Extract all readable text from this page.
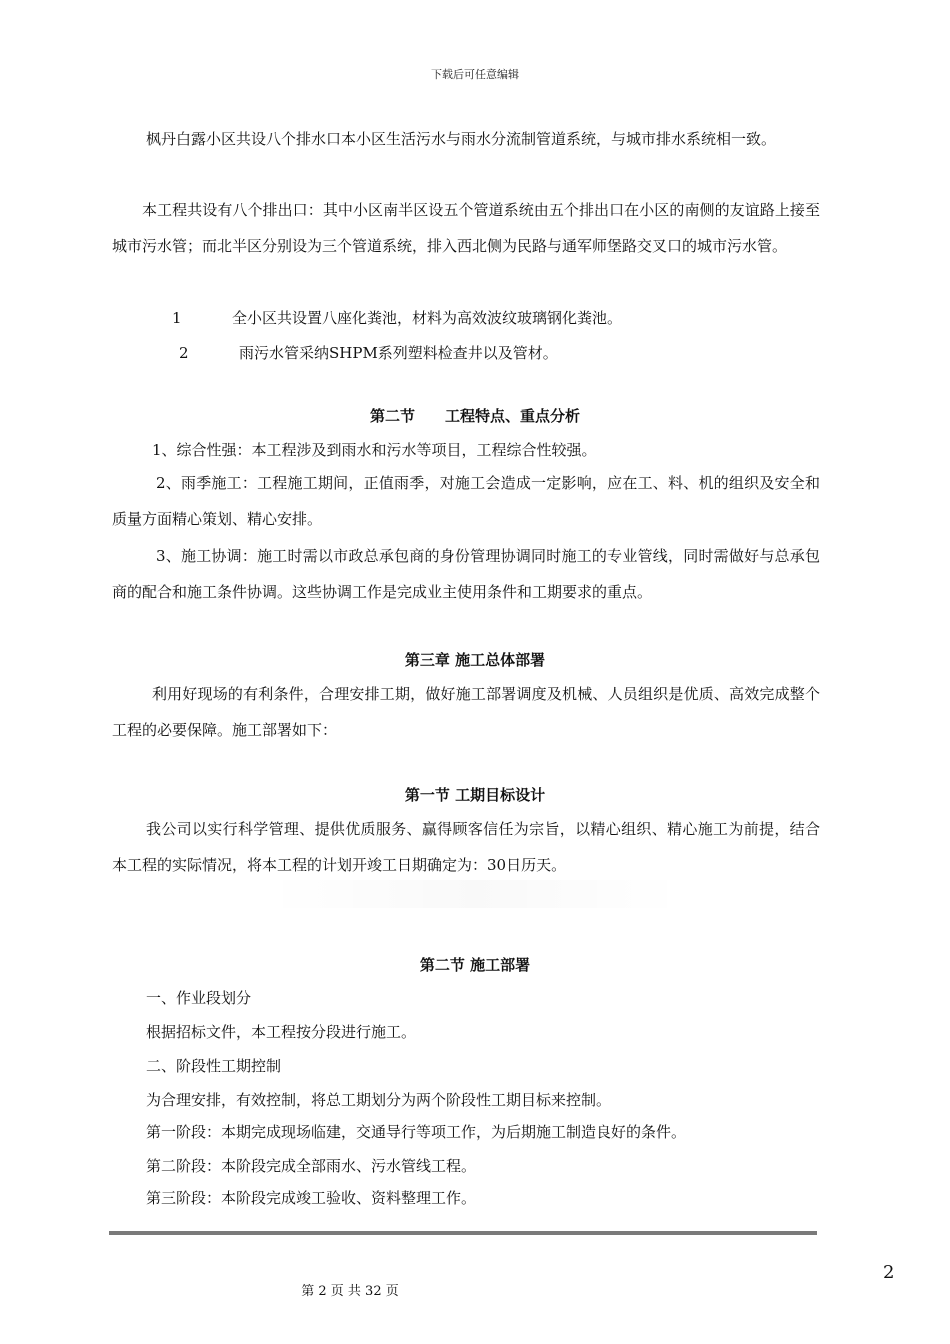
下载后可任意编辑

枫丹白露小区共设八个排水口本小区生活污水与雨水分流制管道系统，与城市排水系统相一致。

本工程共设有八个排出口：其中小区南半区设五个管道系统由五个排出口在小区的南侧的友谊路上接至城市污水管；而北半区分别设为三个管道系统，排入西北侧为民路与通军师堡路交叉口的城市污水管。

1	全小区共设置八座化粪池，材料为高效波纹玻璃钢化粪池。
2	雨污水管采纳SHPM系列塑料检查井以及管材。
第二节　　工程特点、重点分析
1、综合性强：本工程涉及到雨水和污水等项目，工程综合性较强。

2、雨季施工：工程施工期间，正值雨季，对施工会造成一定影响，应在工、料、机的组织及安全和质量方面精心策划、精心安排。

3、施工协调：施工时需以市政总承包商的身份管理协调同时施工的专业管线，同时需做好与总承包商的配合和施工条件协调。这些协调工作是完成业主使用条件和工期要求的重点。

第三章 施工总体部署

利用好现场的有利条件，合理安排工期，做好施工部署调度及机械、人员组织是优质、高效完成整个工程的必要保障。施工部署如下：

第一节 工期目标设计

我公司以实行科学管理、提供优质服务、赢得顾客信任为宗旨，以精心组织、精心施工为前提，结合本工程的实际情况，将本工程的计划开竣工日期确定为：30日历天。

第二节 施工部署
一、作业段划分
根据招标文件，本工程按分段进行施工。
二、阶段性工期控制
为合理安排，有效控制，将总工期划分为两个阶段性工期目标来控制。
第一阶段：本期完成现场临建，交通导行等项工作，为后期施工制造良好的条件。
第二阶段：本阶段完成全部雨水、污水管线工程。
第三阶段：本阶段完成竣工验收、资料整理工作。
第 2 页 共 32 页
2
